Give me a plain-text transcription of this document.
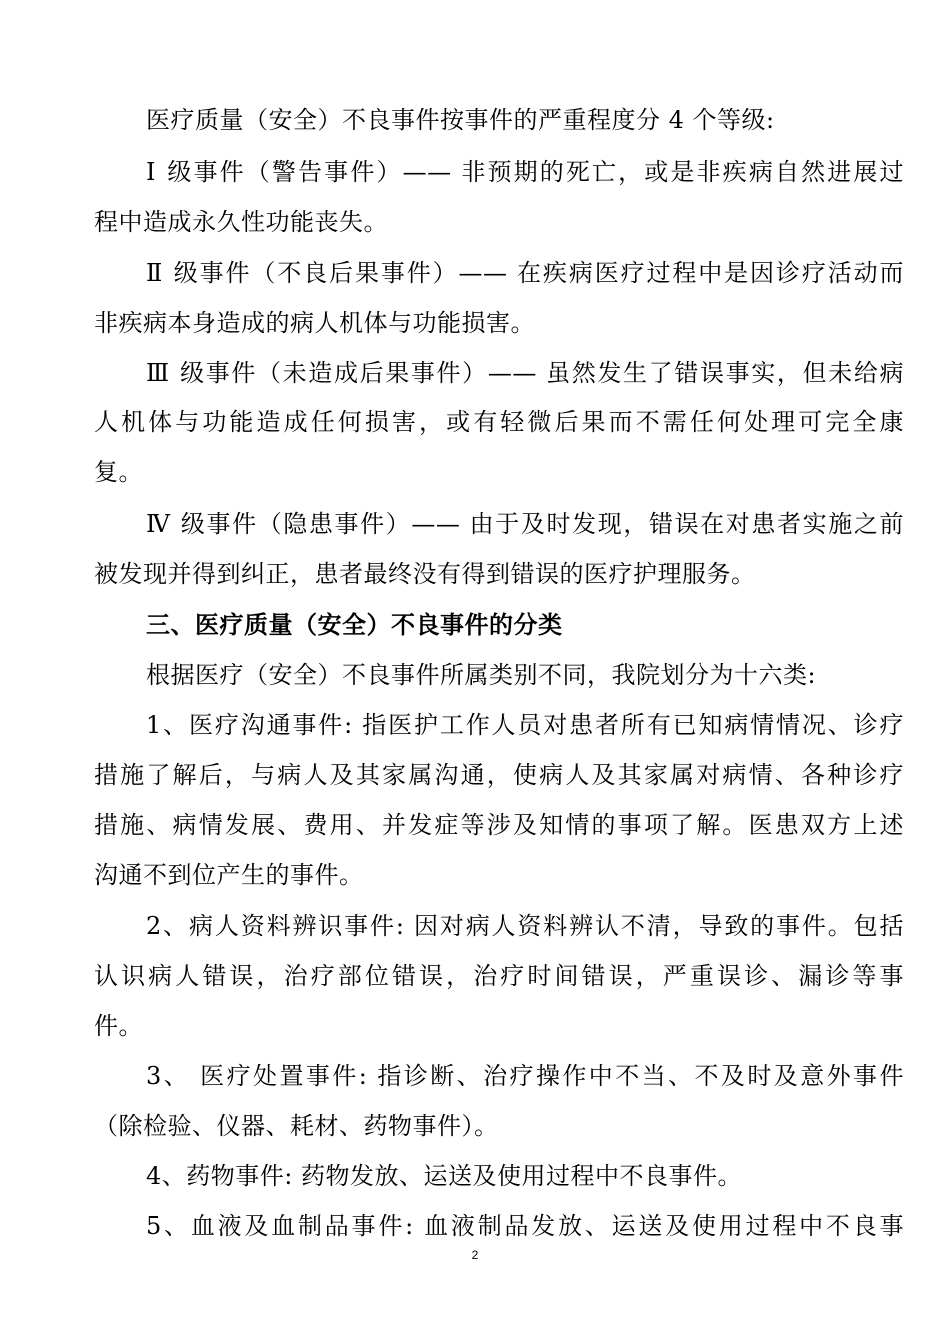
医疗质量（安全）不良事件按事件的严重程度分 4 个等级:
Ⅰ 级事件（警告事件）—— 非预期的死亡，或是非疾病自然进展过
程中造成永久性功能丧失。
Ⅱ 级事件（不良后果事件）—— 在疾病医疗过程中是因诊疗活动而
非疾病本身造成的病人机体与功能损害。
Ⅲ 级事件（未造成后果事件）—— 虽然发生了错误事实，但未给病
人机体与功能造成任何损害，或有轻微后果而不需任何处理可完全康
复。
Ⅳ 级事件（隐患事件）—— 由于及时发现，错误在对患者实施之前
被发现并得到纠正，患者最终没有得到错误的医疗护理服务。
三、医疗质量（安全）不良事件的分类
根据医疗（安全）不良事件所属类别不同，我院划分为十六类:
1、医疗沟通事件: 指医护工作人员对患者所有已知病情情况、诊疗
措施了解后，与病人及其家属沟通，使病人及其家属对病情、各种诊疗
措施、病情发展、费用、并发症等涉及知情的事项了解。医患双方上述
沟通不到位产生的事件。
2、病人资料辨识事件: 因对病人资料辨认不清，导致的事件。包括
认识病人错误，治疗部位错误，治疗时间错误，严重误诊、漏诊等事
件。
3、 医疗处置事件: 指诊断、治疗操作中不当、不及时及意外事件
（除检验、仪器、耗材、药物事件）。
4、药物事件: 药物发放、运送及使用过程中不良事件。
5、血液及血制品事件: 血液制品发放、运送及使用过程中不良事
2
